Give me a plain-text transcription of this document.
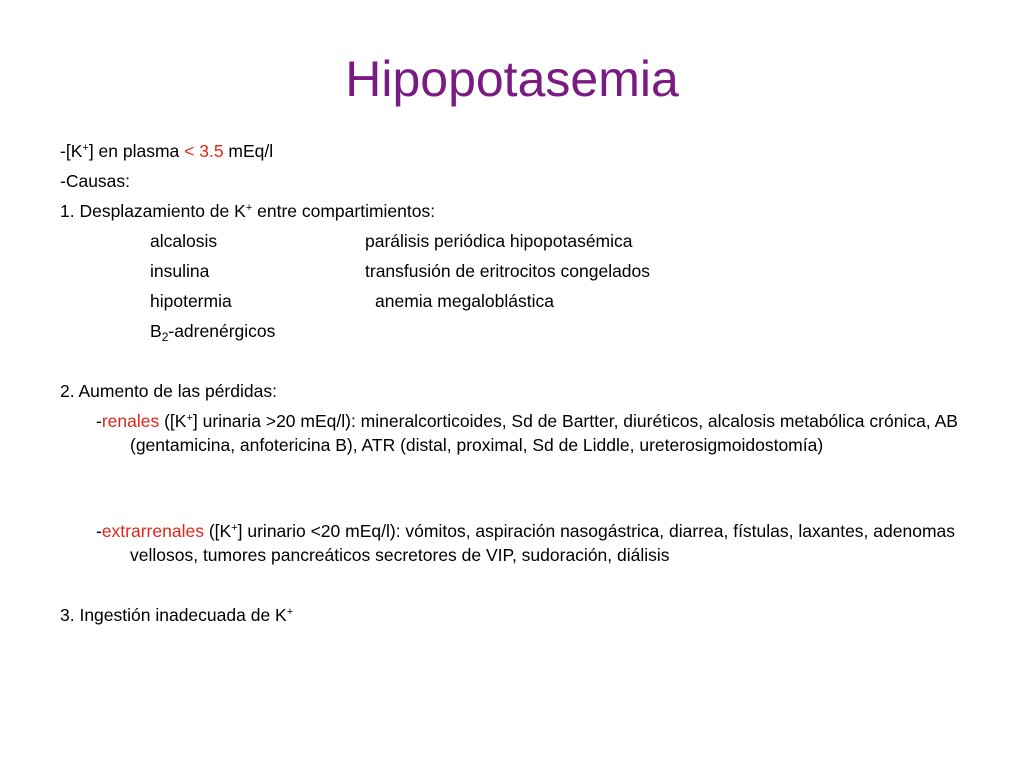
Hipopotasemia
-[K+] en plasma < 3.5 mEq/l
-Causas:
1. Desplazamiento de K+ entre compartimientos:
alcalosis	parálisis periódica hipopotasémica
insulina	transfusión de eritrocitos congelados
hipotermia	anemia megaloblástica
$B_2$-adrenérgicos
2. Aumento de las pérdidas:
-renales ([K+] urinaria >20 mEq/l): mineralcorticoides, Sd de Bartter, diuréticos, alcalosis metabólica crónica, AB (gentamicina, anfotericina B), ATR (distal, proximal, Sd de Liddle, ureterosigmoidostomía)
-extrarrenales ([K+] urinario <20 mEq/l): vómitos, aspiración nasogástrica, diarrea, fístulas, laxantes, adenomas vellosos, tumores pancreáticos secretores de VIP, sudoración, diálisis
3. Ingestión inadecuada de K+
